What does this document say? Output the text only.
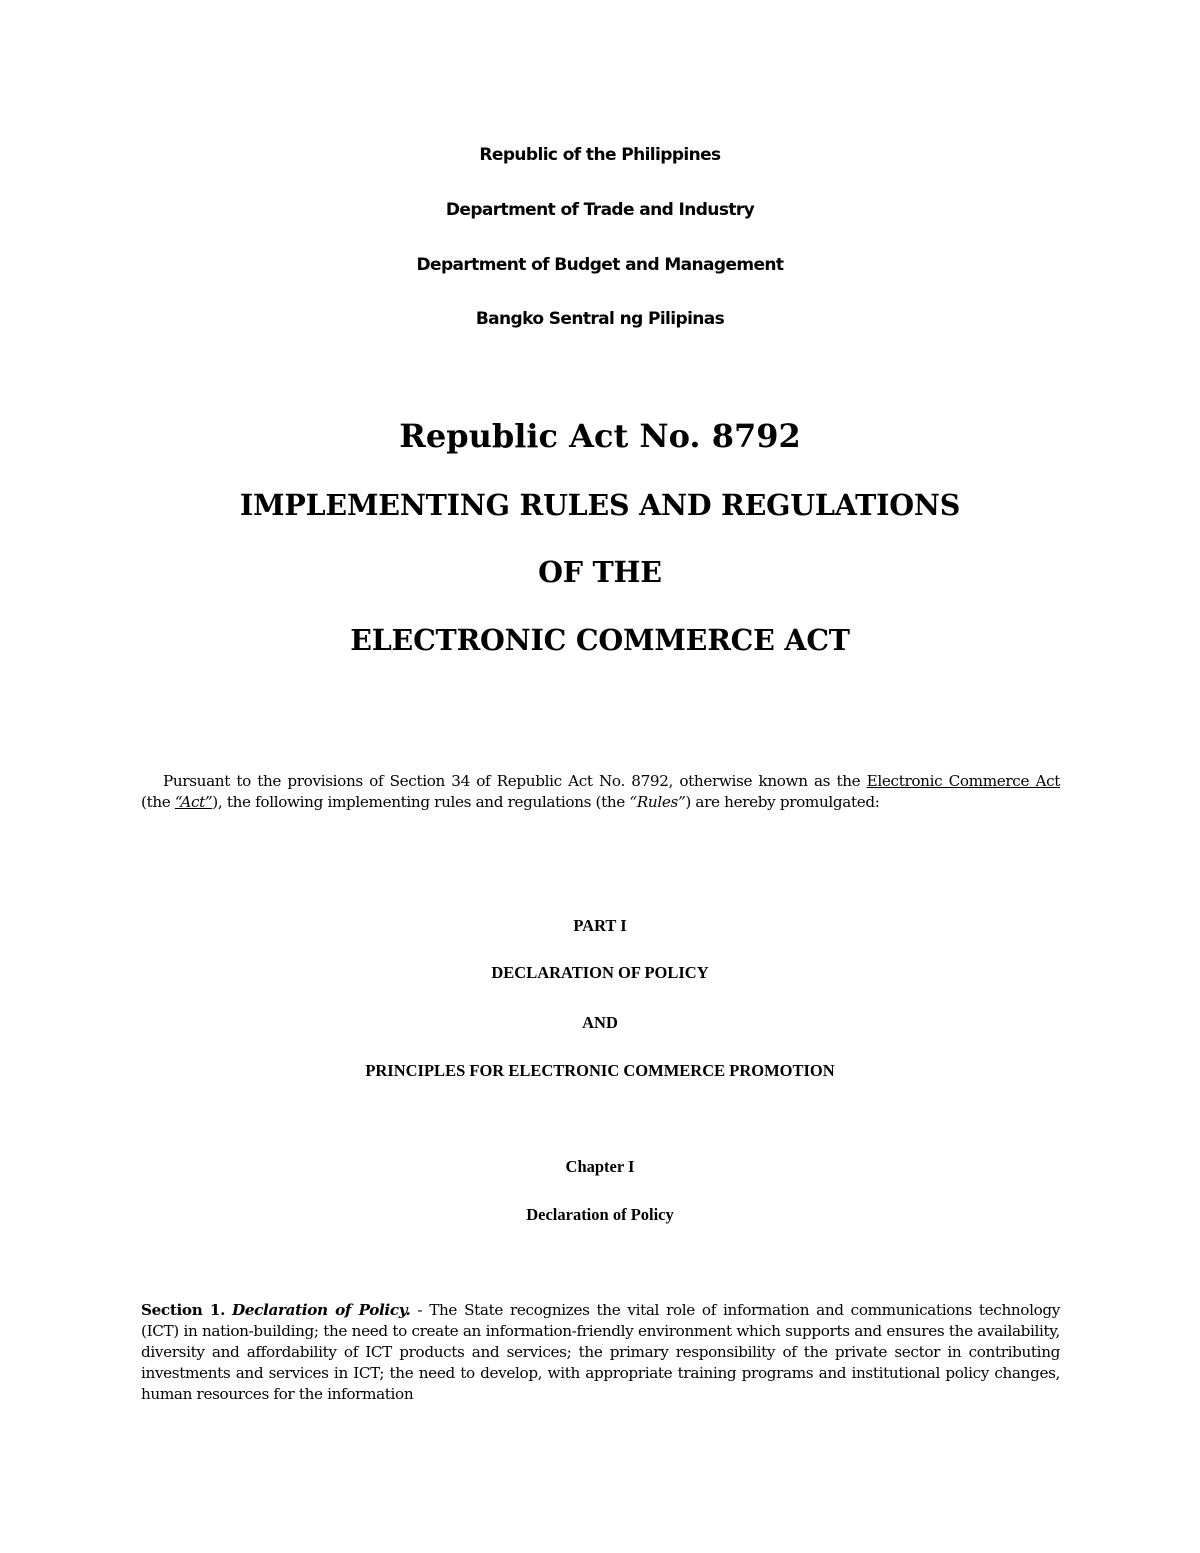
Republic of the Philippines
Department of Trade and Industry
Department of Budget and Management
Bangko Sentral ng Pilipinas
Republic Act No. 8792
IMPLEMENTING RULES AND REGULATIONS
OF THE
ELECTRONIC COMMERCE ACT
Pursuant to the provisions of Section 34 of Republic Act No. 8792, otherwise known as the Electronic Commerce Act (the “Act”), the following implementing rules and regulations (the “Rules”) are hereby promulgated:
PART I
DECLARATION OF POLICY
AND
PRINCIPLES FOR ELECTRONIC COMMERCE PROMOTION
Chapter I
Declaration of Policy
Section 1. Declaration of Policy. - The State recognizes the vital role of information and communications technology (ICT) in nation-building; the need to create an information-friendly environment which supports and ensures the availability, diversity and affordability of ICT products and services; the primary responsibility of the private sector in contributing investments and services in ICT; the need to develop, with appropriate training programs and institutional policy changes, human resources for the information
